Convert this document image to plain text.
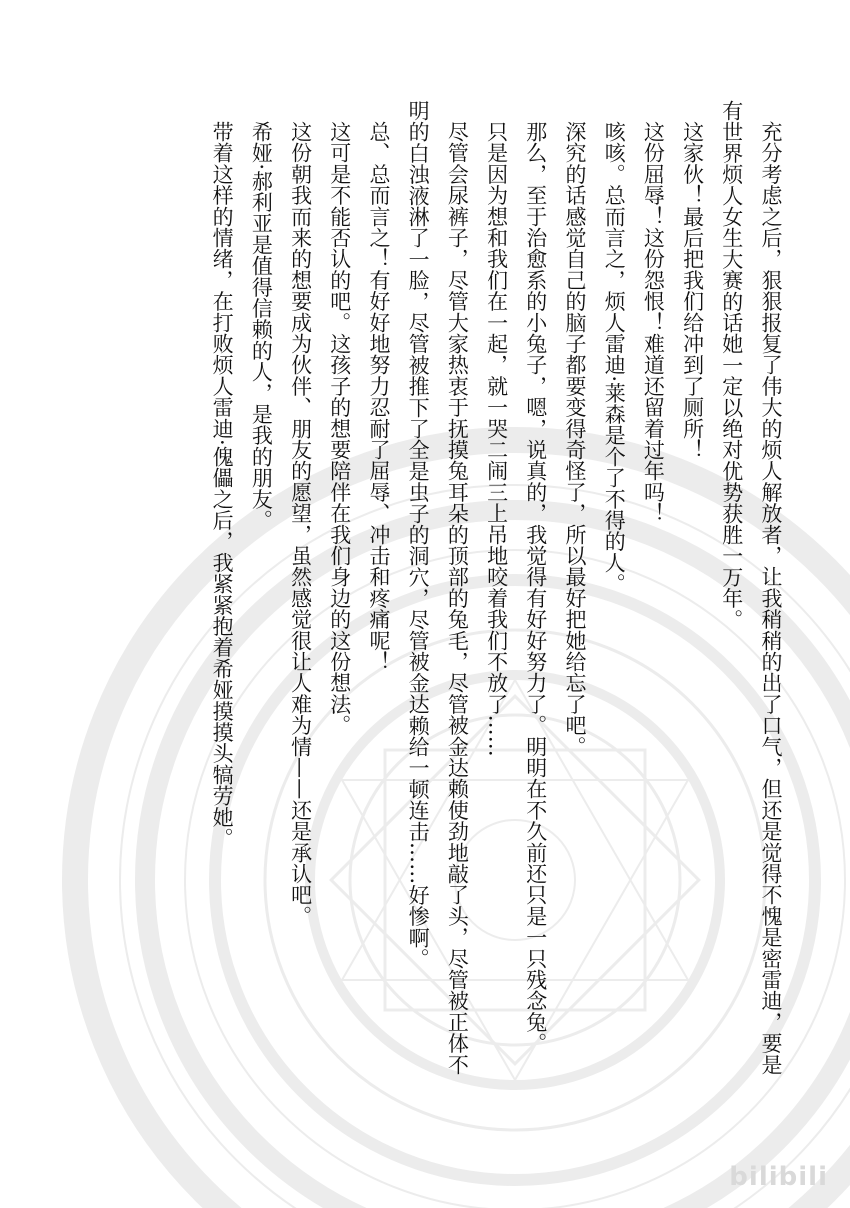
充分考虑之后，狠狠报复了伟大的烦人解放者，让我稍稍的出了口气，但还是觉得不愧是密雷迪，要是有世界烦人女生大赛的话她一定以绝对优势获胜一万年。

这家伙！最后把我们给冲到了厕所！

这份屈辱！这份怨恨！难道还留着过年吗！

咳咳。总而言之，烦人雷迪·莱森是个了不得的人。

深究的话感觉自己的脑子都要变得奇怪了，所以最好把她给忘了吧。

那么，至于治愈系的小兔子，嗯，说真的，我觉得有好好努力了。明明在不久前还只是一只残念兔。

只是因为想和我们在一起，就一哭二闹三上吊地咬着我们不放了……

尽管会尿裤子，尽管大家热衷于抚摸兔耳朵的顶部的兔毛，尽管被金达赖使劲地敲了头，尽管被正体不明的白浊液淋了一脸，尽管被推下了全是虫子的洞穴，尽管被金达赖给一顿连击……好惨啊。

总、总而言之！有好好地努力忍耐了屈辱、冲击和疼痛呢！

这可是不能否认的吧。这孩子的想要陪伴在我们身边的这份想法。

这份朝我而来的想要成为伙伴、朋友的愿望，虽然感觉很让人难为情——还是承认吧。

希娅·郝利亚是值得信赖的人，是我的朋友。

带着这样的情绪，在打败烦人雷迪·傀儡之后，我紧紧抱着希娅摸摸头犒劳她。

bilibili
